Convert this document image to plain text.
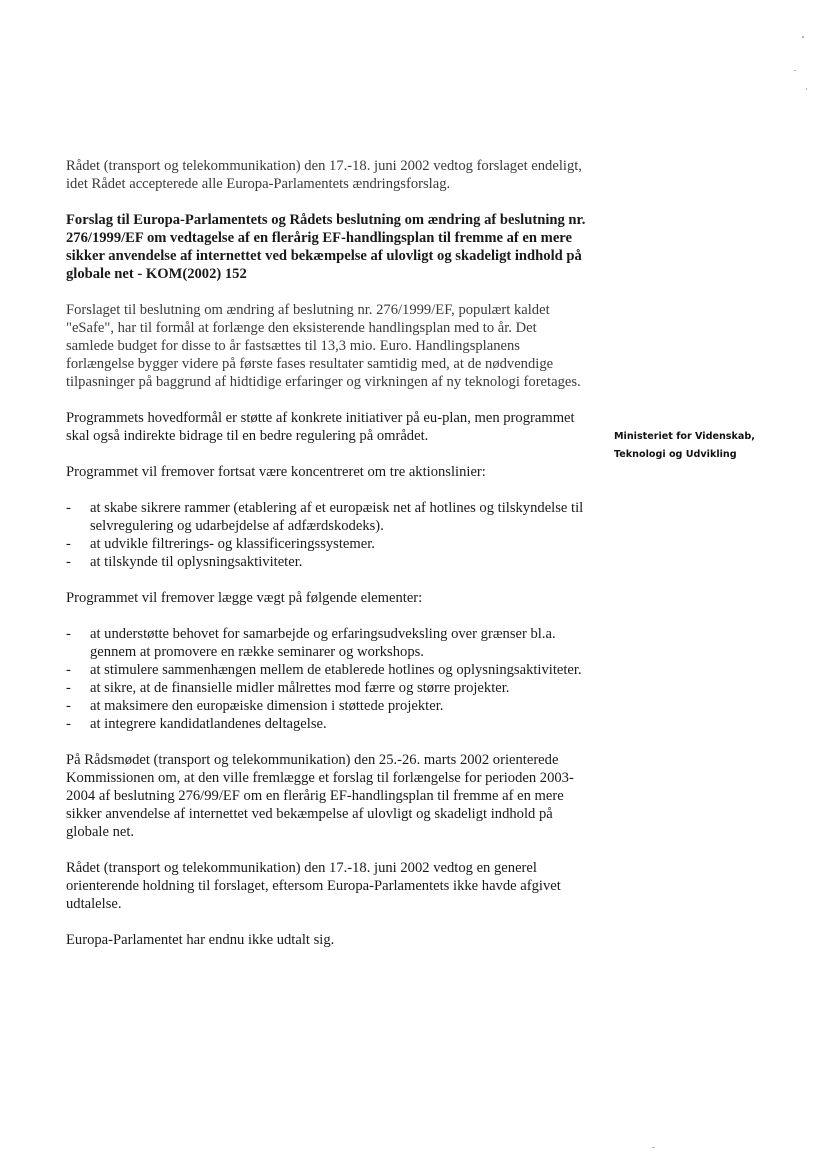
Rådet (transport og telekommunikation) den 17.-18. juni 2002 vedtog forslaget endeligt, idet Rådet accepterede alle Europa-Parlamentets ændringsforslag.

Forslag til Europa-Parlamentets og Rådets beslutning om ændring af beslutning nr. 276/1999/EF om vedtagelse af en flerårig EF-handlingsplan til fremme af en mere sikker anvendelse af internettet ved bekæmpelse af ulovligt og skadeligt indhold på globale net - KOM(2002) 152

Forslaget til beslutning om ændring af beslutning nr. 276/1999/EF, populært kaldet "eSafe", har til formål at forlænge den eksisterende handlingsplan med to år. Det samlede budget for disse to år fastsættes til 13,3 mio. Euro. Handlingsplanens forlængelse bygger videre på første fases resultater samtidig med, at de nødvendige tilpasninger på baggrund af hidtidige erfaringer og virkningen af ny teknologi foretages.

Programmets hovedformål er støtte af konkrete initiativer på eu-plan, men programmet skal også indirekte bidrage til en bedre regulering på området.

Programmet vil fremover fortsat være koncentreret om tre aktionslinier:

- at skabe sikrere rammer (etablering af et europæisk net af hotlines og tilskyndelse til selvregulering og udarbejdelse af adfærdskodeks).
- at udvikle filtrerings- og klassificeringssystemer.
- at tilskynde til oplysningsaktiviteter.

Programmet vil fremover lægge vægt på følgende elementer:

- at understøtte behovet for samarbejde og erfaringsudveksling over grænser bl.a. gennem at promovere en række seminarer og workshops.
- at stimulere sammenhængen mellem de etablerede hotlines og oplysningsaktiviteter.
- at sikre, at de finansielle midler målrettes mod færre og større projekter.
- at maksimere den europæiske dimension i støttede projekter.
- at integrere kandidatlandenes deltagelse.

På Rådsmødet (transport og telekommunikation) den 25.-26. marts 2002 orienterede Kommissionen om, at den ville fremlægge et forslag til forlængelse for perioden 2003-2004 af beslutning 276/99/EF om en flerårig EF-handlingsplan til fremme af en mere sikker anvendelse af internettet ved bekæmpelse af ulovligt og skadeligt indhold på globale net.

Rådet (transport og telekommunikation) den 17.-18. juni 2002 vedtog en generel orienterende holdning til forslaget, eftersom Europa-Parlamentets ikke havde afgivet udtalelse.

Europa-Parlamentet har endnu ikke udtalt sig.

Ministeriet for Videnskab,
Teknologi og Udvikling
